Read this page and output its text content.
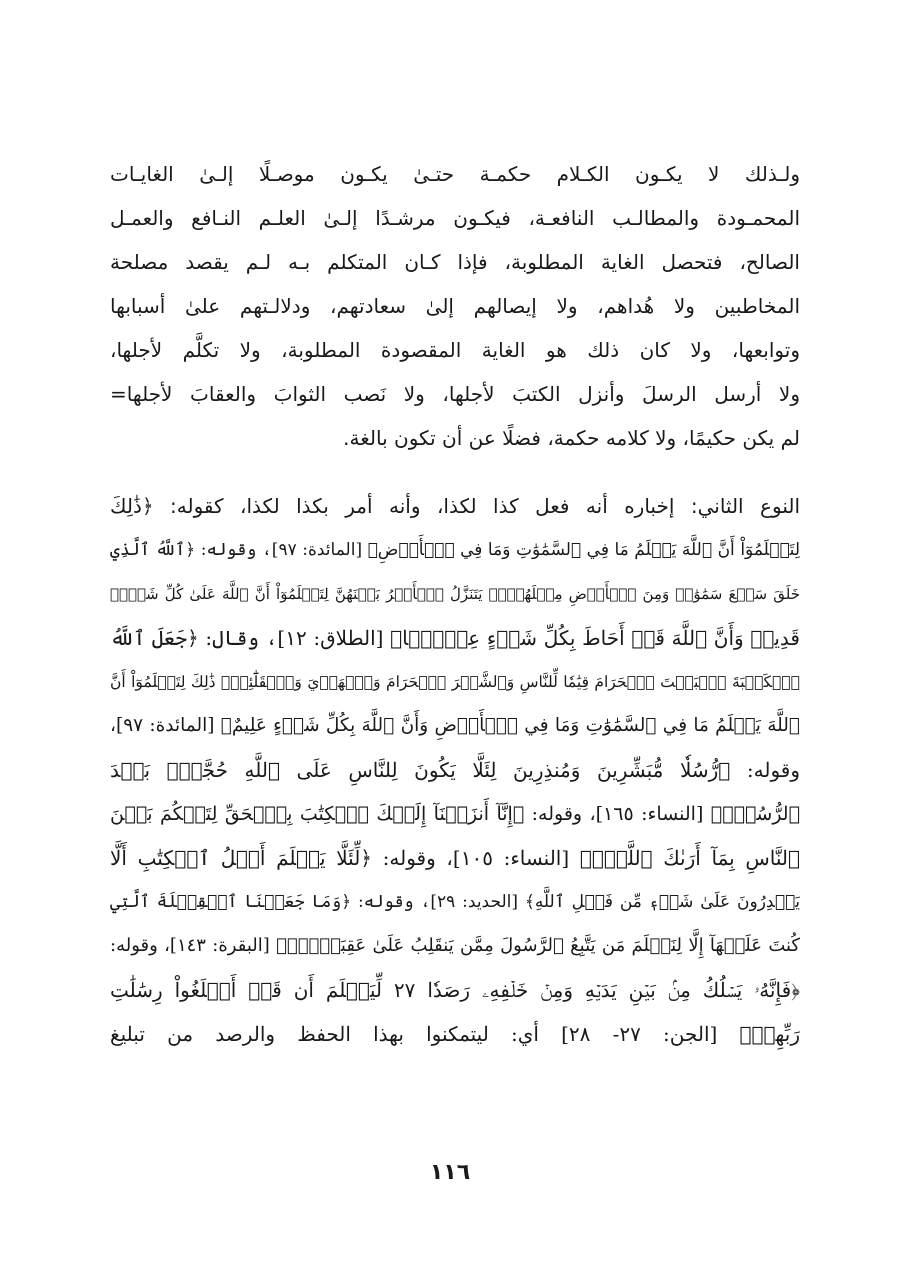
ولـذلك لا يكـون الكـلام حكمـة حتـىٰ يكـون موصـلًا إلـىٰ الغايـات
المحمـودة والمطالـب النافعـة، فيكـون مرشـدًا إلـىٰ العلـم النـافع والعمـل
الصالح، فتحصل الغاية المطلوبة، فإذا كـان المتكلم بـه لـم يقصد مصلحة
المخاطبين ولا هُداهم، ولا إيصالهم إلىٰ سعادتهم، ودلالـتهم علىٰ أسبابها
وتوابعها، ولا كان ذلك هو الغاية المقصودة المطلوبة، ولا تكلَّم لأجلها،
ولا أرسل الرسلَ وأنزل الكتبَ لأجلها، ولا نَصب الثوابَ والعقابَ لأجلها=
لم يكن حكيمًا، ولا كلامه حكمة، فضلًا عن أن تكون بالغة.
النوع الثاني: إخباره أنه فعل كذا لكذا، وأنه أمر بكذا لكذا، كقوله: ﴿ذَٰلِكَ
لِتَعۡلَمُوٓاْ أَنَّ ٱللَّهَ يَعۡلَمُ مَا فِي ٱلسَّمَٰوَٰتِ وَمَا فِي ٱلۡأَرۡضِ﴾ [المائدة: ٩٧]، وقوله: ﴿ٱللَّهُ ٱلَّذِي
خَلَقَ سَبۡعَ سَمَٰوَٰتٖ وَمِنَ ٱلۡأَرۡضِ مِثۡلَهُنَّۖ يَتَنَزَّلُ ٱلۡأَمۡرُ بَيۡنَهُنَّ لِتَعۡلَمُوٓاْ أَنَّ ٱللَّهَ عَلَىٰ كُلِّ شَيۡءٖ
قَدِيرٞ وَأَنَّ ٱللَّهَ قَدۡ أَحَاطَ بِكُلِّ شَيۡءٍ عِلۡمَۢا﴾ [الطلاق: ١٢]، وقال: ﴿جَعَلَ ٱللَّهُ
ٱلۡكَعۡبَةَ ٱلۡبَيۡتَ ٱلۡحَرَامَ قِيَٰمٗا لِّلنَّاسِ وَٱلشَّهۡرَ ٱلۡحَرَامَ وَٱلۡهَدۡيَ وَٱلۡقَلَٰٓئِدَۚ ذَٰلِكَ لِتَعۡلَمُوٓاْ أَنَّ
ٱللَّهَ يَعۡلَمُ مَا فِي ٱلسَّمَٰوَٰتِ وَمَا فِي ٱلۡأَرۡضِ وَأَنَّ ٱللَّهَ بِكُلِّ شَيۡءٍ عَلِيمٌ﴾ [المائدة: ٩٧]،
وقوله: ﴿رُّسُلٗا مُّبَشِّرِينَ وَمُنذِرِينَ لِئَلَّا يَكُونَ لِلنَّاسِ عَلَى ٱللَّهِ حُجَّةُۢ بَعۡدَ
ٱلرُّسُلِۚ﴾ [النساء: ١٦٥]، وقوله: ﴿إِنَّآ أَنزَلۡنَآ إِلَيۡكَ ٱلۡكِتَٰبَ بِٱلۡحَقِّ لِتَحۡكُمَ بَيۡنَ
ٱلنَّاسِ بِمَآ أَرَىٰكَ ٱللَّهُۚ﴾ [النساء: ١٠٥]، وقوله: ﴿لِّئَلَّا يَعۡلَمَ أَهۡلُ ٱلۡكِتَٰبِ أَلَّا
يَقۡدِرُونَ عَلَىٰ شَيۡءٖ مِّن فَضۡلِ ٱللَّهِ﴾ [الحديد: ٢٩]، وقوله: ﴿وَمَا جَعَلۡنَا ٱلۡقِبۡلَةَ ٱلَّتِي
كُنتَ عَلَيۡهَآ إِلَّا لِنَعۡلَمَ مَن يَتَّبِعُ ٱلرَّسُولَ مِمَّن يَنقَلِبُ عَلَىٰ عَقِبَيۡهِۚ﴾ [البقرة: ١٤٣]، وقوله:
﴿فَإِنَّهُۥ يَسۡلُكُ مِنۢ بَيۡنِ يَدَيۡهِ وَمِنۡ خَلۡفِهِۦ رَصَدٗا ٢٧ لِّيَعۡلَمَ أَن قَدۡ أَبۡلَغُواْ رِسَٰلَٰتِ
رَبِّهِمۡ﴾ [الجن: ٢٧- ٢٨] أي: ليتمكنوا بهذا الحفظ والرصد من تبليغ
١١٦
